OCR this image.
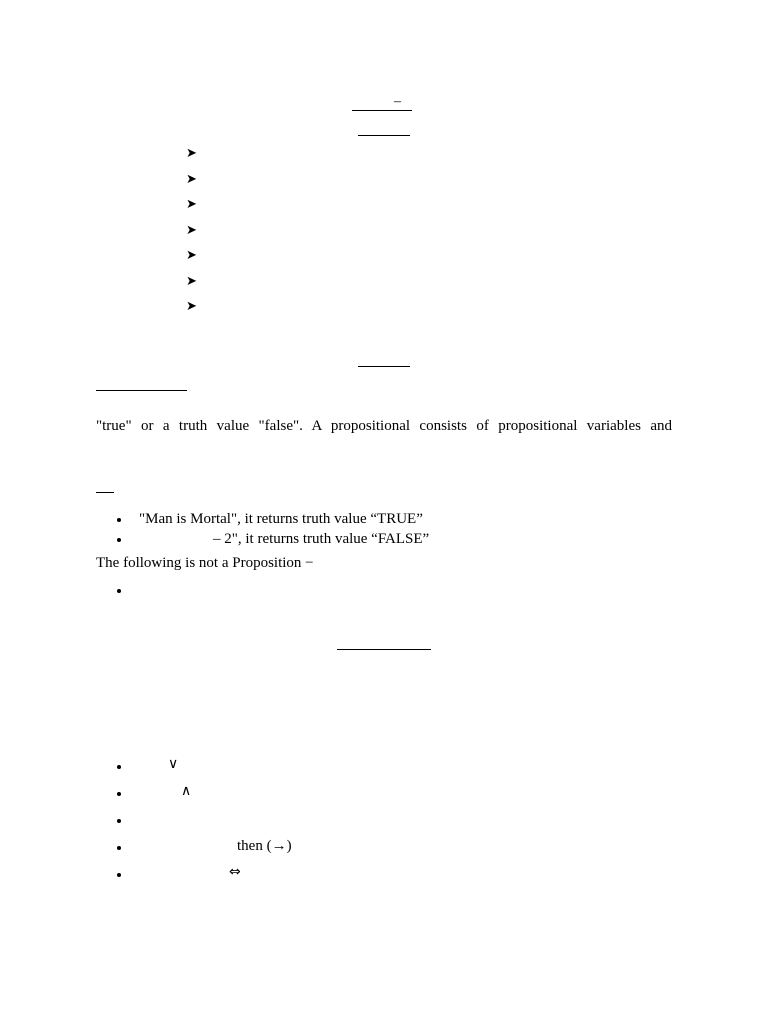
–
➤
➤
➤
➤
➤
➤
➤
"true" or a truth value "false". A propositional consists of propositional variables and
"Man is Mortal", it returns truth value “TRUE”
– 2", it returns truth value “FALSE”
The following is not a Proposition −
∨
∧
then (→)
⇔
